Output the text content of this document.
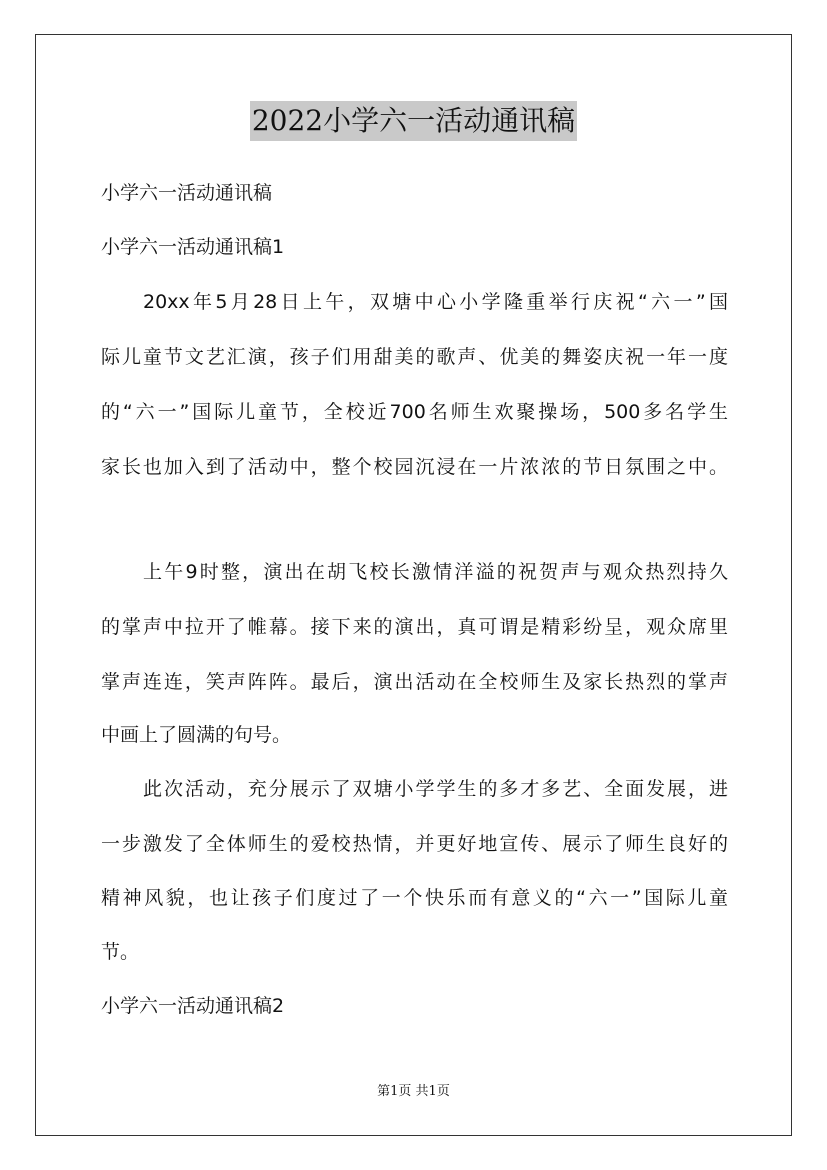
2022小学六一活动通讯稿

小学六一活动通讯稿

小学六一活动通讯稿1

20xx年5月28日上午，双塘中心小学隆重举行庆祝“六一”国

际儿童节文艺汇演，孩子们用甜美的歌声、优美的舞姿庆祝一年一度

的“六一”国际儿童节，全校近700名师生欢聚操场，500多名学生

家长也加入到了活动中，整个校园沉浸在一片浓浓的节日氛围之中。

上午9时整，演出在胡飞校长激情洋溢的祝贺声与观众热烈持久

的掌声中拉开了帷幕。接下来的演出，真可谓是精彩纷呈，观众席里

掌声连连，笑声阵阵。最后，演出活动在全校师生及家长热烈的掌声

中画上了圆满的句号。

此次活动，充分展示了双塘小学学生的多才多艺、全面发展，进

一步激发了全体师生的爱校热情，并更好地宣传、展示了师生良好的

精神风貌，也让孩子们度过了一个快乐而有意义的“六一”国际儿童

节。

小学六一活动通讯稿2

第1页 共1页
